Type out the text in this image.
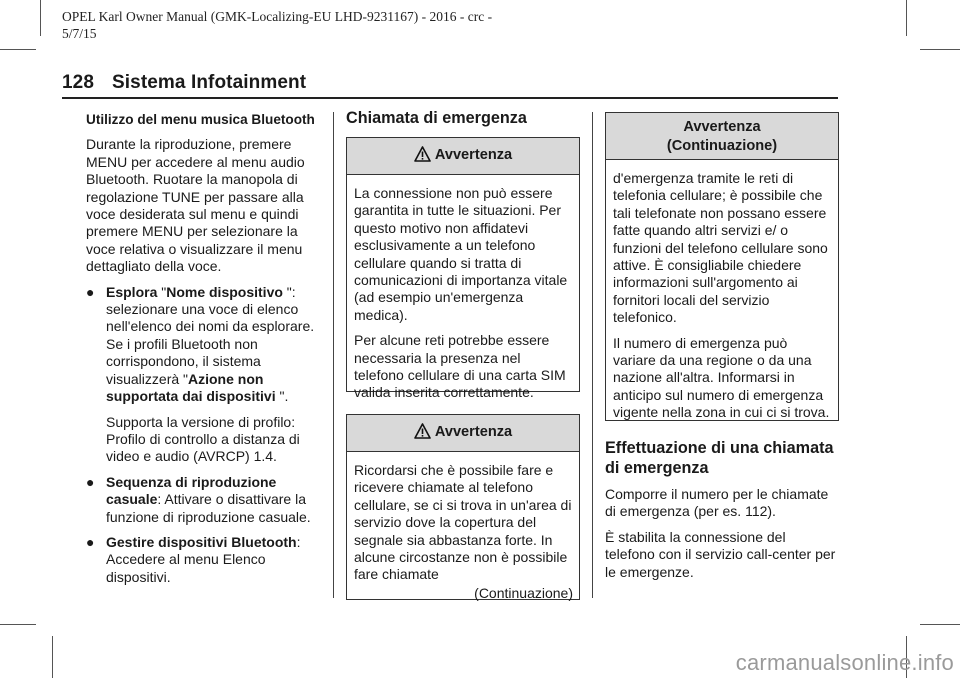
OPEL Karl Owner Manual (GMK-Localizing-EU LHD-9231167) - 2016 - crc -
5/7/15
128 Sistema Infotainment
Utilizzo del menu musica Bluetooth

Durante la riproduzione, premere MENU per accedere al menu audio Bluetooth. Ruotare la manopola di regolazione TUNE per passare alla voce desiderata sul menu e quindi premere MENU per selezionare la voce relativa o visualizzare il menu dettagliato della voce.

● Esplora "Nome dispositivo ": selezionare una voce di elenco nell'elenco dei nomi da esplorare. Se i profili Bluetooth non corrispondono, il sistema visualizzerà "Azione non supportata dai dispositivi ".

Supporta la versione di profilo: Profilo di controllo a distanza di video e audio (AVRCP) 1.4.

● Sequenza di riproduzione casuale: Attivare o disattivare la funzione di riproduzione casuale.
● Gestire dispositivi Bluetooth: Accedere al menu Elenco dispositivi.
Chiamata di emergenza
Avvertenza

La connessione non può essere garantita in tutte le situazioni. Per questo motivo non affidatevi esclusivamente a un telefono cellulare quando si tratta di comunicazioni di importanza vitale (ad esempio un'emergenza medica).

Per alcune reti potrebbe essere necessaria la presenza nel telefono cellulare di una carta SIM valida inserita correttamente.

Avvertenza

Ricordarsi che è possibile fare e ricevere chiamate al telefono cellulare, se ci si trova in un'area di servizio dove la copertura del segnale sia abbastanza forte. In alcune circostanze non è possibile fare chiamate

(Continuazione)
Avvertenza
(Continuazione)

d'emergenza tramite le reti di telefonia cellulare; è possibile che tali telefonate non possano essere fatte quando altri servizi e/ o funzioni del telefono cellulare sono attive. È consigliabile chiedere informazioni sull'argomento ai fornitori locali del servizio telefonico.

Il numero di emergenza può variare da una regione o da una nazione all'altra. Informarsi in anticipo sul numero di emergenza vigente nella zona in cui ci si trova.

Effettuazione di una chiamata di emergenza

Comporre il numero per le chiamate di emergenza (per es. 112).

È stabilita la connessione del telefono con il servizio call-center per le emergenze.

carmanualsonline.info
